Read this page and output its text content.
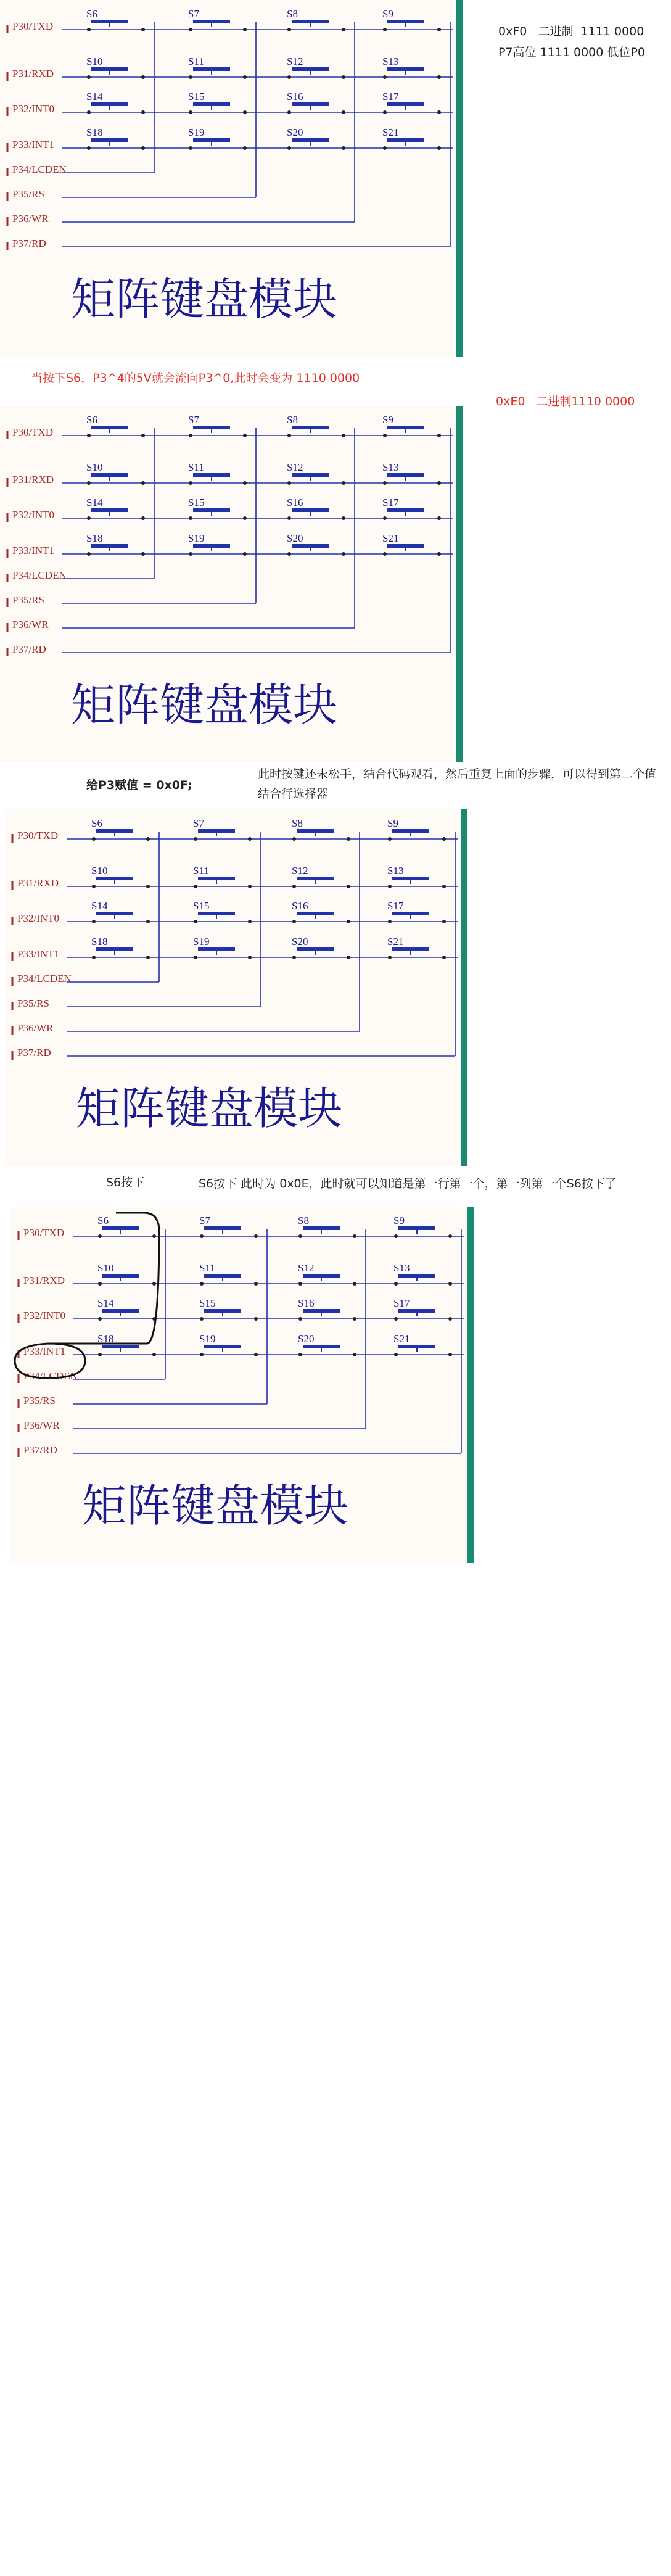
P30/TXD
P31/RXD
P32/INT0
P33/INT1
P34/LCDEN
P35/RS
P36/WR
P37/RD
S6	S7	S8	S9
S10	S11	S12	S13
S14	S15	S16	S17
S18	S19	S20	S21
矩阵键盘模块
0xF0   二进制  1111 0000
P7高位 1111 0000 低位P0
当按下S6，P3^4的5V就会流向P3^0,此时会变为 1110 0000
0xE0   二进制1110 0000
P30/TXD
P31/RXD
P32/INT0
P33/INT1
P34/LCDEN
P35/RS
P36/WR
P37/RD
S6	S7	S8	S9
S10	S11	S12	S13
S14	S15	S16	S17
S18	S19	S20	S21
矩阵键盘模块
给P3赋值 = 0x0F;
此时按键还未松手，结合代码观看，然后重复上面的步骤，可以得到第二个值
结合行选择器
P30/TXD
P31/RXD
P32/INT0
P33/INT1
P34/LCDEN
P35/RS
P36/WR
P37/RD
S6	S7	S8	S9
S10	S11	S12	S13
S14	S15	S16	S17
S18	S19	S20	S21
矩阵键盘模块
S6按下	S6按下 此时为 0x0E，此时就可以知道是第一行第一个，第一列第一个S6按下了
P30/TXD
P31/RXD
P32/INT0
P33/INT1
P34/LCDEN
P35/RS
P36/WR
P37/RD
S6	S7	S8	S9
S10	S11	S12	S13
S14	S15	S16	S17
S18	S19	S20	S21
矩阵键盘模块
